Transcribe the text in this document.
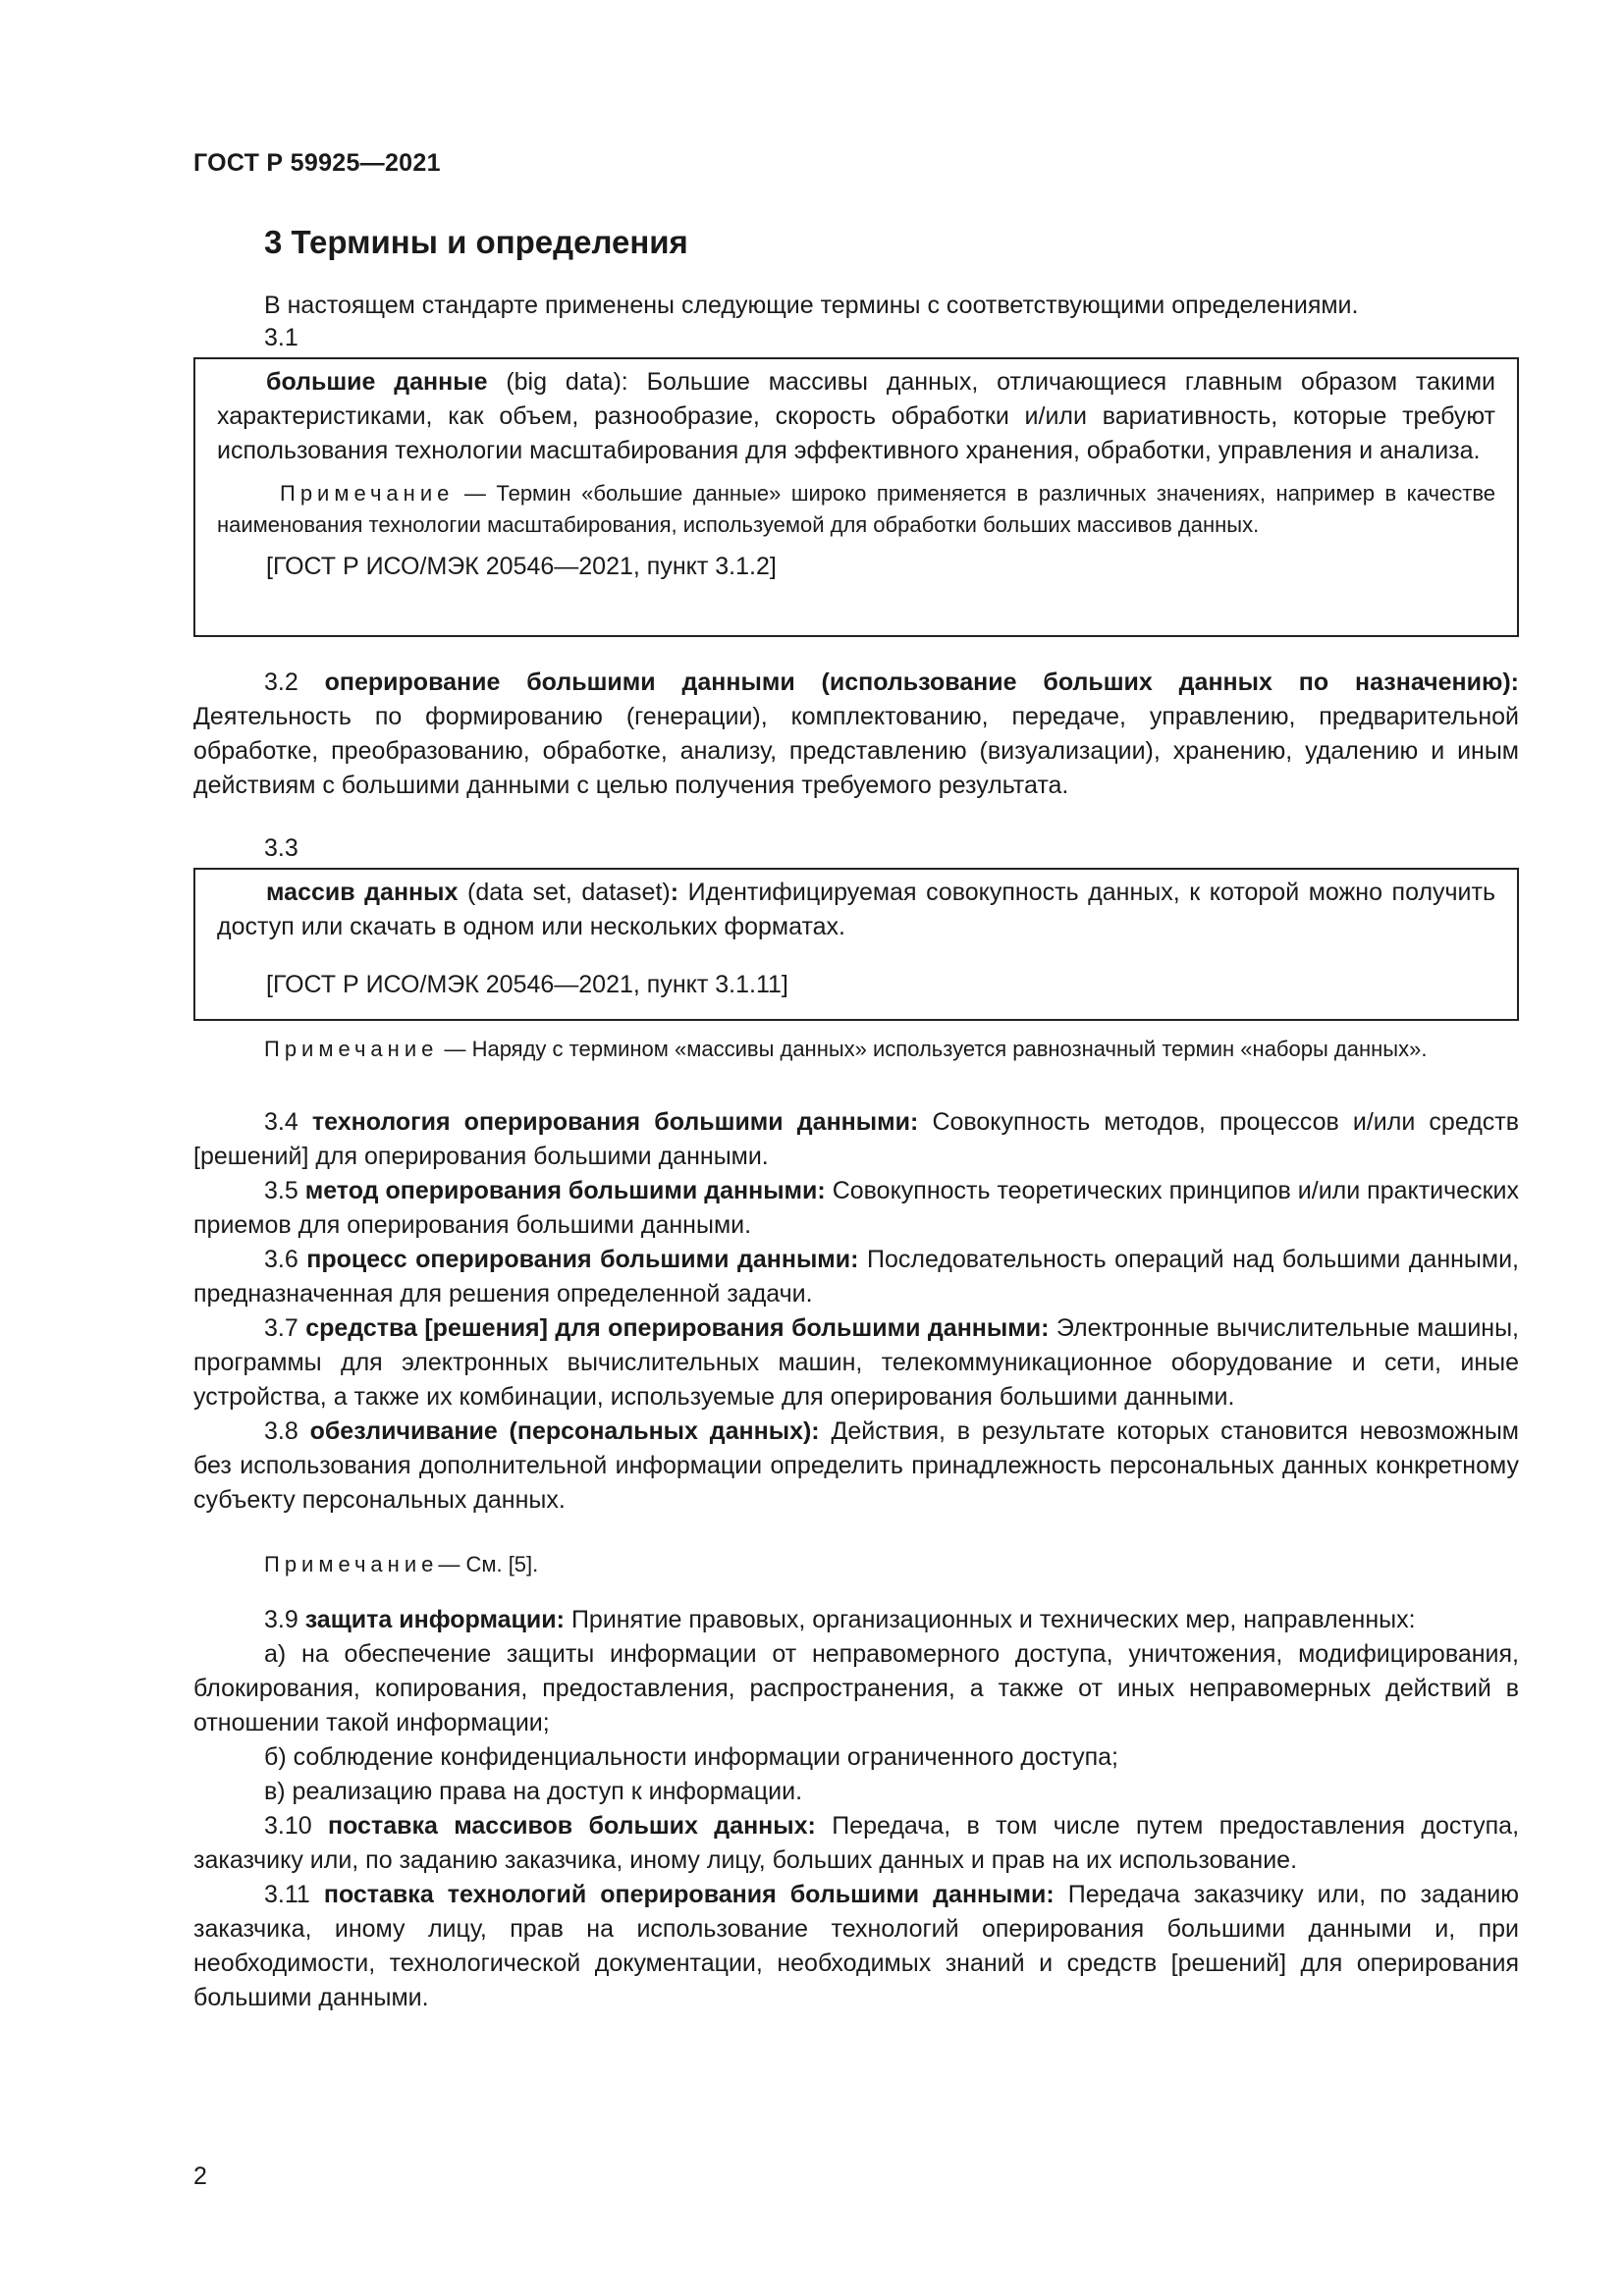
ГОСТ Р 59925—2021
3 Термины и определения
В настоящем стандарте применены следующие термины с соответствующими определениями.
3.1
большие данные (big data): Большие массивы данных, отличающиеся главным образом такими характеристиками, как объем, разнообразие, скорость обработки и/или вариативность, которые требуют использования технологии масштабирования для эффективного хранения, обработки, управления и анализа.
Примечание — Термин «большие данные» широко применяется в различных значениях, например в качестве наименования технологии масштабирования, используемой для обработки больших массивов данных.
[ГОСТ Р ИСО/МЭК 20546—2021, пункт 3.1.2]

3.2 оперирование большими данными (использование больших данных по назначению): Деятельность по формированию (генерации), комплектованию, передаче, управлению, предварительной обработке, преобразованию, обработке, анализу, представлению (визуализации), хранению, удалению и иным действиям с большими данными с целью получения требуемого результата.

3.3
массив данных (data set, dataset): Идентифицируемая совокупность данных, к которой можно получить доступ или скачать в одном или нескольких форматах.
[ГОСТ Р ИСО/МЭК 20546—2021, пункт 3.1.11]

Примечание — Наряду с термином «массивы данных» используется равнозначный термин «наборы данных».

3.4 технология оперирования большими данными: Совокупность методов, процессов и/или средств [решений] для оперирования большими данными.

3.5 метод оперирования большими данными: Совокупность теоретических принципов и/или практических приемов для оперирования большими данными.

3.6 процесс оперирования большими данными: Последовательность операций над большими данными, предназначенная для решения определенной задачи.

3.7 средства [решения] для оперирования большими данными: Электронные вычислительные машины, программы для электронных вычислительных машин, телекоммуникационное оборудование и сети, иные устройства, а также их комбинации, используемые для оперирования большими данными.

3.8 обезличивание (персональных данных): Действия, в результате которых становится невозможным без использования дополнительной информации определить принадлежность персональных данных конкретному субъекту персональных данных.

Примечание— См. [5].

3.9 защита информации: Принятие правовых, организационных и технических мер, направленных:

а) на обеспечение защиты информации от неправомерного доступа, уничтожения, модифицирования, блокирования, копирования, предоставления, распространения, а также от иных неправомерных действий в отношении такой информации;

б) соблюдение конфиденциальности информации ограниченного доступа;

в) реализацию права на доступ к информации.

3.10 поставка массивов больших данных: Передача, в том числе путем предоставления доступа, заказчику или, по заданию заказчика, иному лицу, больших данных и прав на их использование.

3.11 поставка технологий оперирования большими данными: Передача заказчику или, по заданию заказчика, иному лицу, прав на использование технологий оперирования большими данными и, при необходимости, технологической документации, необходимых знаний и средств [решений] для оперирования большими данными.

2
